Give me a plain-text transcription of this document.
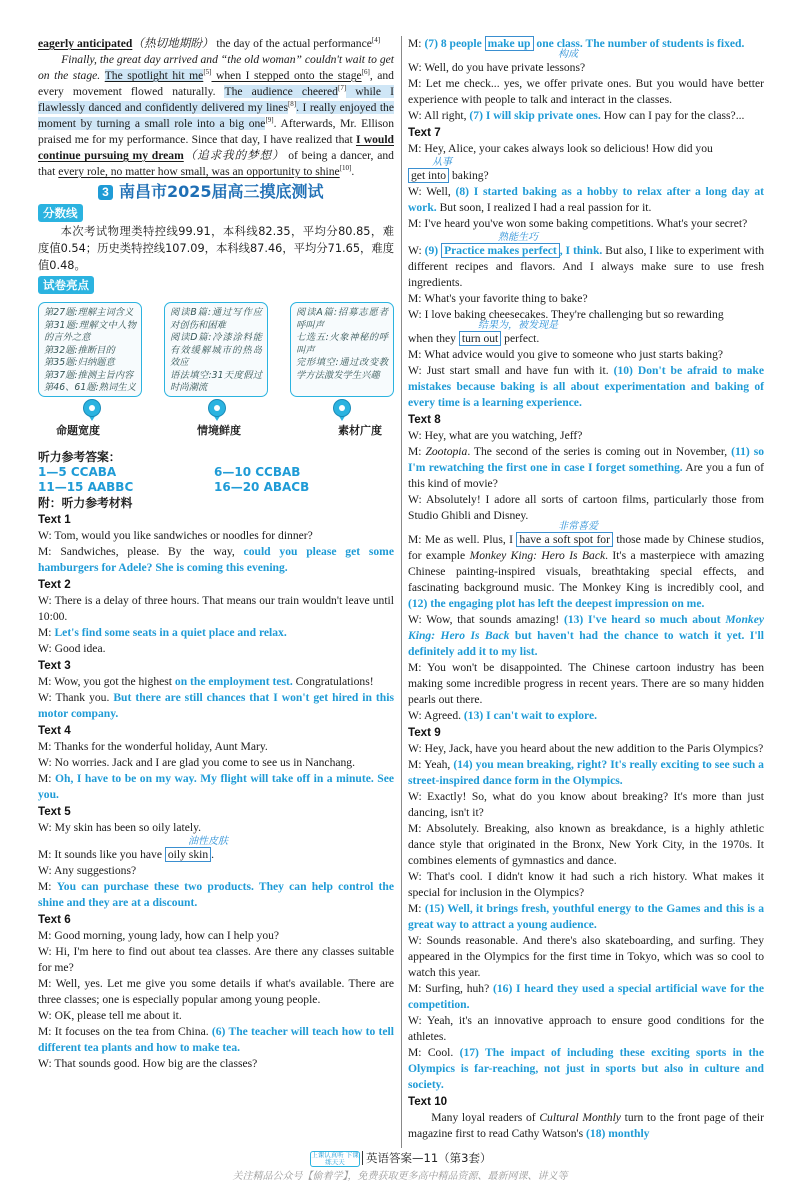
eagerly anticipated（热切地期盼） the day of the actual performance[4]

Finally, the great day arrived and “the old woman” couldn't wait to get on the stage. The spotlight hit me[5] when I stepped onto the stage[6], and every movement flowed naturally. The audience cheered[7] while I flawlessly danced and confidently delivered my lines[8]. I really enjoyed the moment by turning a small role into a big one[9]. Afterwards, Mr. Ellison praised me for my performance. Since that day, I have realized that I would continue pursuing my dream（追求我的梦想） of being a dancer, and that every role, no matter how small, was an opportunity to shine[10].

3 南昌市2025届高三摸底测试
分数线

本次考试物理类特控线99.91，本科线82.35，平均分80.85，难度值0.54；历史类特控线107.09，本科线87.46，平均分71.65，难度值0.48。

试卷亮点
第27题:理解主词含义
第31题:理解文中人物的言外之意
第32题:推断目的
第35题:归纳题意
第37题:推测主旨内容
第46、61题:熟词生义
阅读B篇:通过写作应对创伤和困难
阅读D篇:冷漆涂料能有效缓解城市的热岛效应
语法填空:31天度假过时尚潮流
阅读A篇:招募志愿者呼叫声
七选五:火象神秘的呼叫声
完形填空:通过改变教学方法激发学生兴趣
命题宽度	情境鲜度	素材广度
听力参考答案：
1—5 CCABA	6—10 CCBAB
11—15 AABBC	16—20 ABACB
附：听力参考材料
Text 1

W: Tom, would you like sandwiches or noodles for dinner?

M: Sandwiches, please. By the way, could you please get some hamburgers for Adele? She is coming this evening.

Text 2

W: There is a delay of three hours. That means our train wouldn't leave until 10:00.

M: Let's find some seats in a quiet place and relax.

W: Good idea.

Text 3

M: Wow, you got the highest on the employment test. Congratulations!

W: Thank you. But there are still chances that I won't get hired in this motor company.

Text 4

M: Thanks for the wonderful holiday, Aunt Mary.

W: No worries. Jack and I are glad you come to see us in Nanchang.

M: Oh, I have to be on my way. My flight will take off in a minute. See you.

Text 5

W: My skin has been so oily lately.

油性皮肤

M: It sounds like you have oily skin .

W: Any suggestions?

M: You can purchase these two products. They can help control the shine and they are at a discount.

Text 6

M: Good morning, young lady, how can I help you?

W: Hi, I'm here to find out about tea classes. Are there any classes suitable for me?

M: Well, yes. Let me give you some details if what's available. There are three classes; one is especially popular among young people.

W: OK, please tell me about it.

M: It focuses on the tea from China. (6) The teacher will teach how to tell different tea plants and how to make tea.

W: That sounds good. How big are the classes?

M: (7) 8 people make up one class. The number of students is fixed.

构成

W: Well, do you have private lessons?

M: Let me check... yes, we offer private ones. But you would have better experience with people to talk and interact in the classes.

W: All right, (7) I will skip private ones. How can I pay for the class?...

Text 7

M: Hey, Alice, your cakes always look so delicious! How did you

从事

get into baking?

W: Well, (8) I started baking as a hobby to relax after a long day at work. But soon, I realized I had a real passion for it.

M: I've heard you've won some baking competitions. What's your secret?

熟能生巧

W: (9) Practice makes perfect , I think. But also, I like to experiment with different recipes and flavors. And I always make sure to use fresh ingredients.

M: What's your favorite thing to bake?

W: I love baking cheesecakes. They're challenging but so rewarding

结果为，被发现是

when they turn out perfect.

M: What advice would you give to someone who just starts baking?

W: Just start small and have fun with it. (10) Don't be afraid to make mistakes because baking is all about experimentation and baking of every time is a learning experience.

Text 8

W: Hey, what are you watching, Jeff?

M: Zootopia. The second of the series is coming out in November, (11) so I'm rewatching the first one in case I forget something. Are you a fun of this kind of movie?

W: Absolutely! I adore all sorts of cartoon films, particularly those from Studio Ghibli and Disney.

非常喜爱

M: Me as well. Plus, I have a soft spot for those made by Chinese studios, for example Monkey King: Hero Is Back. It's a masterpiece with amazing Chinese painting-inspired visuals, breathtaking special effects, and fascinating background music. The Monkey King is incredibly cool, and (12) the engaging plot has left the deepest impression on me.

W: Wow, that sounds amazing! (13) I've heard so much about Monkey King: Hero Is Back but haven't had the chance to watch it yet. I'll definitely add it to my list.

M: You won't be disappointed. The Chinese cartoon industry has been making some incredible progress in recent years. There are so many hidden pearls out there.

W: Agreed. (13) I can't wait to explore.

Text 9

W: Hey, Jack, have you heard about the new addition to the Paris Olympics?

M: Yeah, (14) you mean breaking, right? It's really exciting to see such a street-inspired dance form in the Olympics.

W: Exactly! So, what do you know about breaking? It's more than just dancing, isn't it?

M: Absolutely. Breaking, also known as breakdance, is a highly athletic dance style that originated in the Bronx, New York City, in the 1970s. It combines elements of gymnastics and dance.

W: That's cool. I didn't know it had such a rich history. What makes it special for inclusion in the Olympics?

M: (15) Well, it brings fresh, youthful energy to the Games and this is a great way to attract a young audience.

W: Sounds reasonable. And there's also skateboarding, and surfing. They appeared in the Olympics for the first time in Tokyo, which was so cool to watch this year.

M: Surfing, huh? (16) I heard they used a special artificial wave for the competition.

W: Yeah, it's an innovative approach to ensure good conditions for the athletes.

M: Cool. (17) The impact of including these exciting sports in the Olympics is far-reaching, not just in sports but also in culture and society.

Text 10

Many loyal readers of Cultural Monthly turn to the front page of their magazine first to read Cathy Watson's (18) monthly

上课认真听 下课练天天	英语答案—11（第3套）
关注精品公众号【偷着学】，免费获取更多高中精品资源、最新网课、讲义等
